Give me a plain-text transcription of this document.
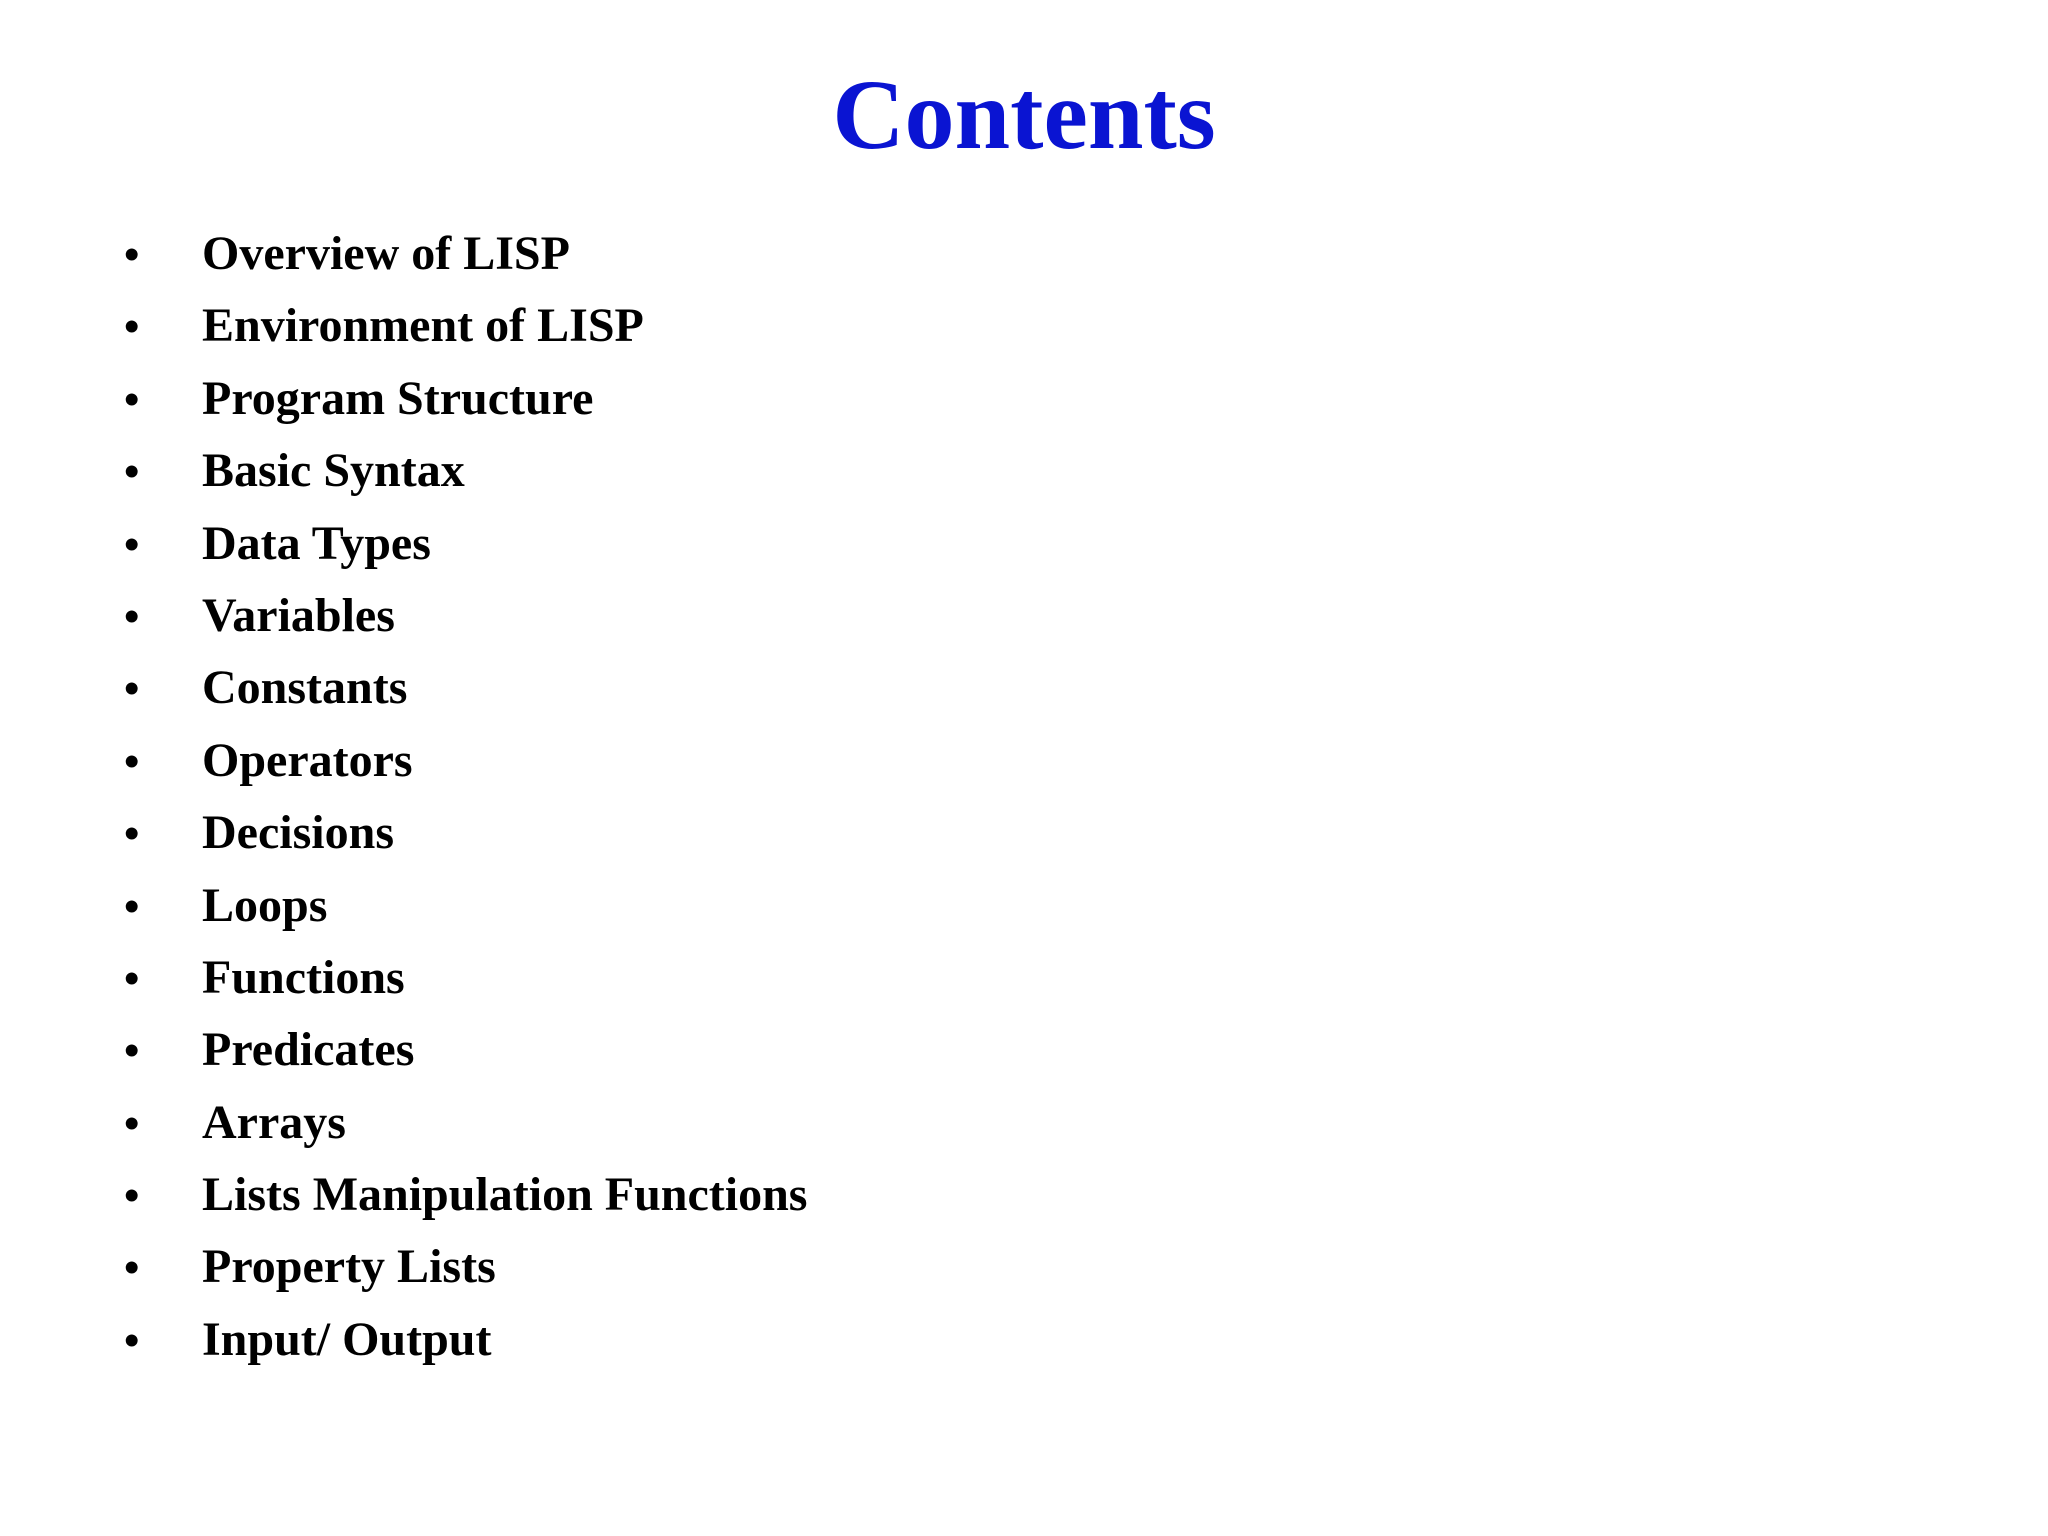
Contents
•	Overview of LISP
•	Environment of LISP
•	Program Structure
•	Basic Syntax
•	Data Types
•	Variables
•	Constants
•	Operators
•	Decisions
•	Loops
•	Functions
•	Predicates
•	Arrays
•	Lists Manipulation Functions
•	Property Lists
•	Input/ Output
